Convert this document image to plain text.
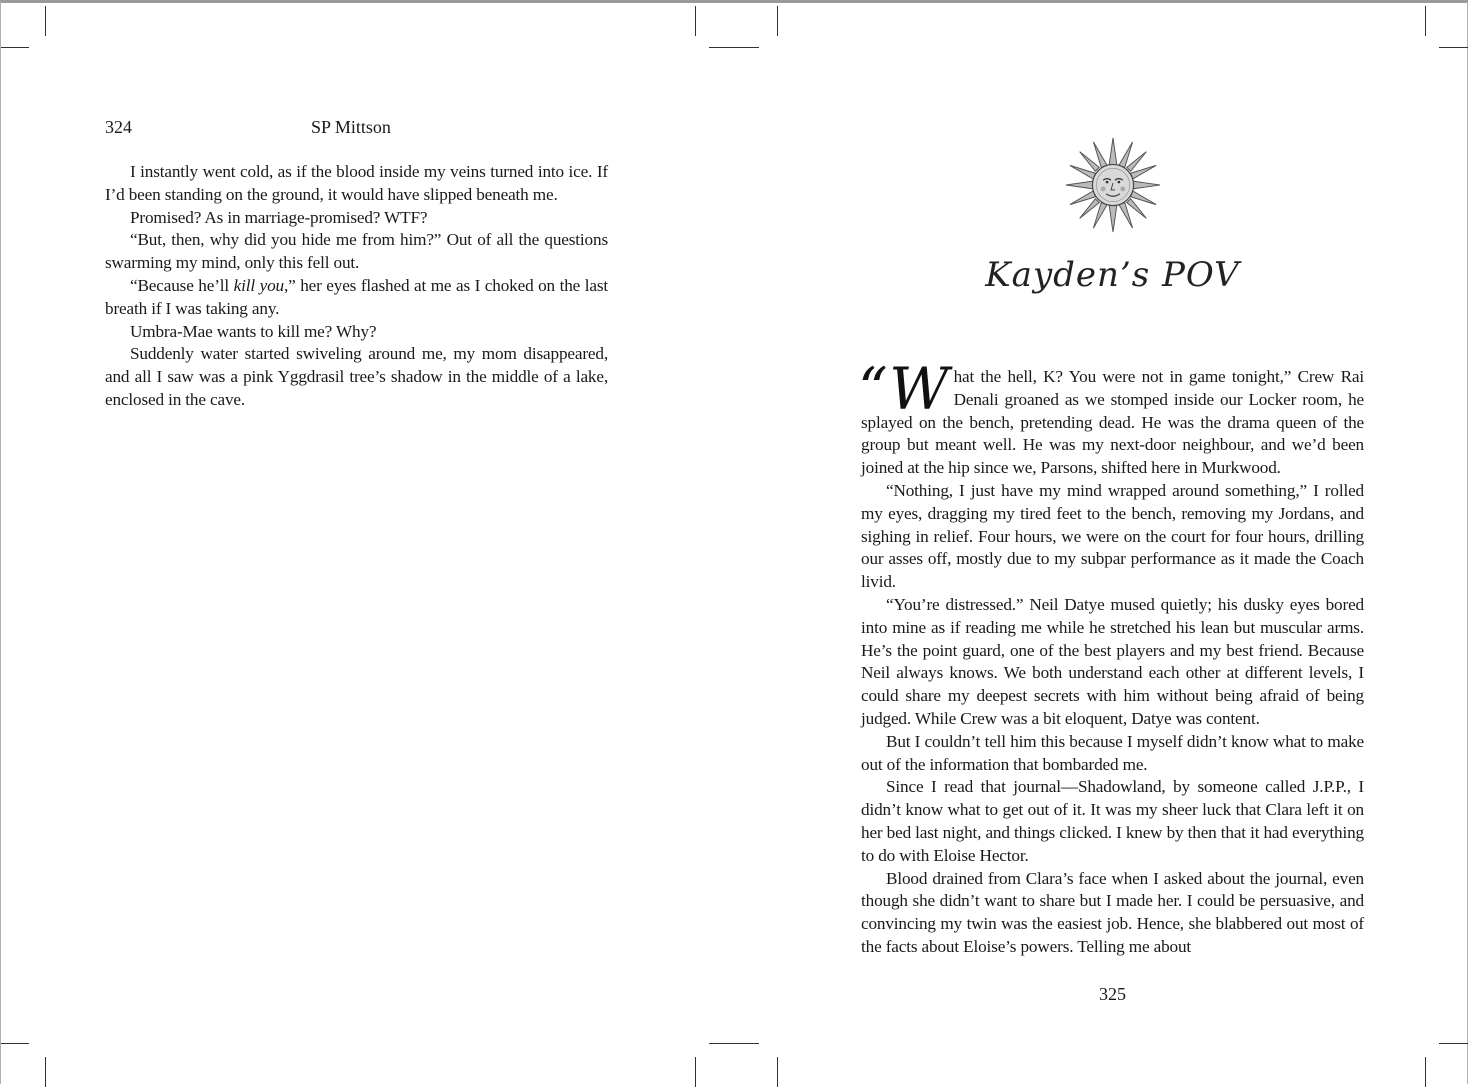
324	SP Mittson

I instantly went cold, as if the blood inside my veins turned into ice. If I’d been standing on the ground, it would have slipped beneath me.

Promised? As in marriage-promised? WTF?

“But, then, why did you hide me from him?” Out of all the questions swarming my mind, only this fell out.

“Because he’ll kill you,” her eyes flashed at me as I choked on the last breath if I was taking any.

Umbra-Mae wants to kill me? Why?

Suddenly water started swiveling around me, my mom disappeared, and all I saw was a pink Yggdrasil tree’s shadow in the middle of a lake, enclosed in the cave.

Kayden’s POV

“What the hell, K? You were not in game tonight,” Crew Rai Denali groaned as we stomped inside our Locker room, he splayed on the bench, pretending dead. He was the drama queen of the group but meant well. He was my next-door neighbour, and we’d been joined at the hip since we, Parsons, shifted here in Murkwood.

“Nothing, I just have my mind wrapped around something,” I rolled my eyes, dragging my tired feet to the bench, removing my Jordans, and sighing in relief. Four hours, we were on the court for four hours, drilling our asses off, mostly due to my subpar performance as it made the Coach livid.

“You’re distressed.” Neil Datye mused quietly; his dusky eyes bored into mine as if reading me while he stretched his lean but muscular arms. He’s the point guard, one of the best players and my best friend. Because Neil always knows. We both understand each other at different levels, I could share my deepest secrets with him without being afraid of being judged. While Crew was a bit eloquent, Datye was content.

But I couldn’t tell him this because I myself didn’t know what to make out of the information that bombarded me.

Since I read that journal—Shadowland, by someone called J.P.P., I didn’t know what to get out of it. It was my sheer luck that Clara left it on her bed last night, and things clicked. I knew by then that it had everything to do with Eloise Hector.

Blood drained from Clara’s face when I asked about the journal, even though she didn’t want to share but I made her. I could be persuasive, and convincing my twin was the easiest job. Hence, she blabbered out most of the facts about Eloise’s powers. Telling me about

325
